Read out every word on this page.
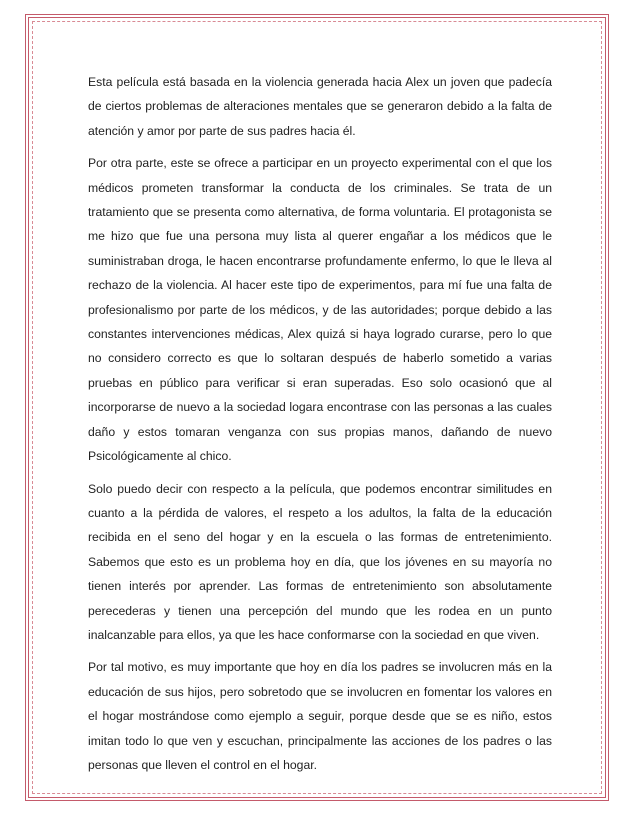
Esta película está basada en la violencia generada hacia Alex un joven que padecía de ciertos problemas de alteraciones mentales que se generaron debido a la falta de atención y amor por parte de sus padres hacia él.

Por otra parte, este se ofrece a participar en un proyecto experimental con el que los médicos prometen transformar la conducta de los criminales. Se trata de un tratamiento que se presenta como alternativa, de forma voluntaria. El protagonista se me hizo que fue una persona muy lista al querer engañar a los médicos que le suministraban droga, le hacen encontrarse profundamente enfermo, lo que le lleva al rechazo de la violencia. Al hacer este tipo de experimentos, para mí fue una falta de profesionalismo por parte de los médicos, y de las autoridades; porque debido a las constantes intervenciones médicas, Alex quizá si haya logrado curarse, pero lo que no considero correcto es que lo soltaran después de haberlo sometido a varias pruebas en público para verificar si eran superadas. Eso solo ocasionó que al incorporarse de nuevo a la sociedad logara encontrase con las personas a las cuales daño y estos tomaran venganza con sus propias manos, dañando de nuevo Psicológicamente al chico.

Solo puedo decir con respecto a la película, que podemos encontrar similitudes en cuanto a la pérdida de valores, el respeto a los adultos, la falta de la educación recibida en el seno del hogar y en la escuela o las formas de entretenimiento. Sabemos que esto es un problema hoy en día, que los jóvenes en su mayoría no tienen interés por aprender. Las formas de entretenimiento son absolutamente perecederas y tienen una percepción del mundo que les rodea en un punto inalcanzable para ellos, ya que les hace conformarse con la sociedad en que viven.

Por tal motivo, es muy importante que hoy en día los padres se involucren más en la educación de sus hijos, pero sobretodo que se involucren en fomentar los valores en el hogar mostrándose como ejemplo a seguir, porque desde que se es niño, estos imitan todo lo que ven y escuchan, principalmente las acciones de los padres o las personas que lleven el control en el hogar.
